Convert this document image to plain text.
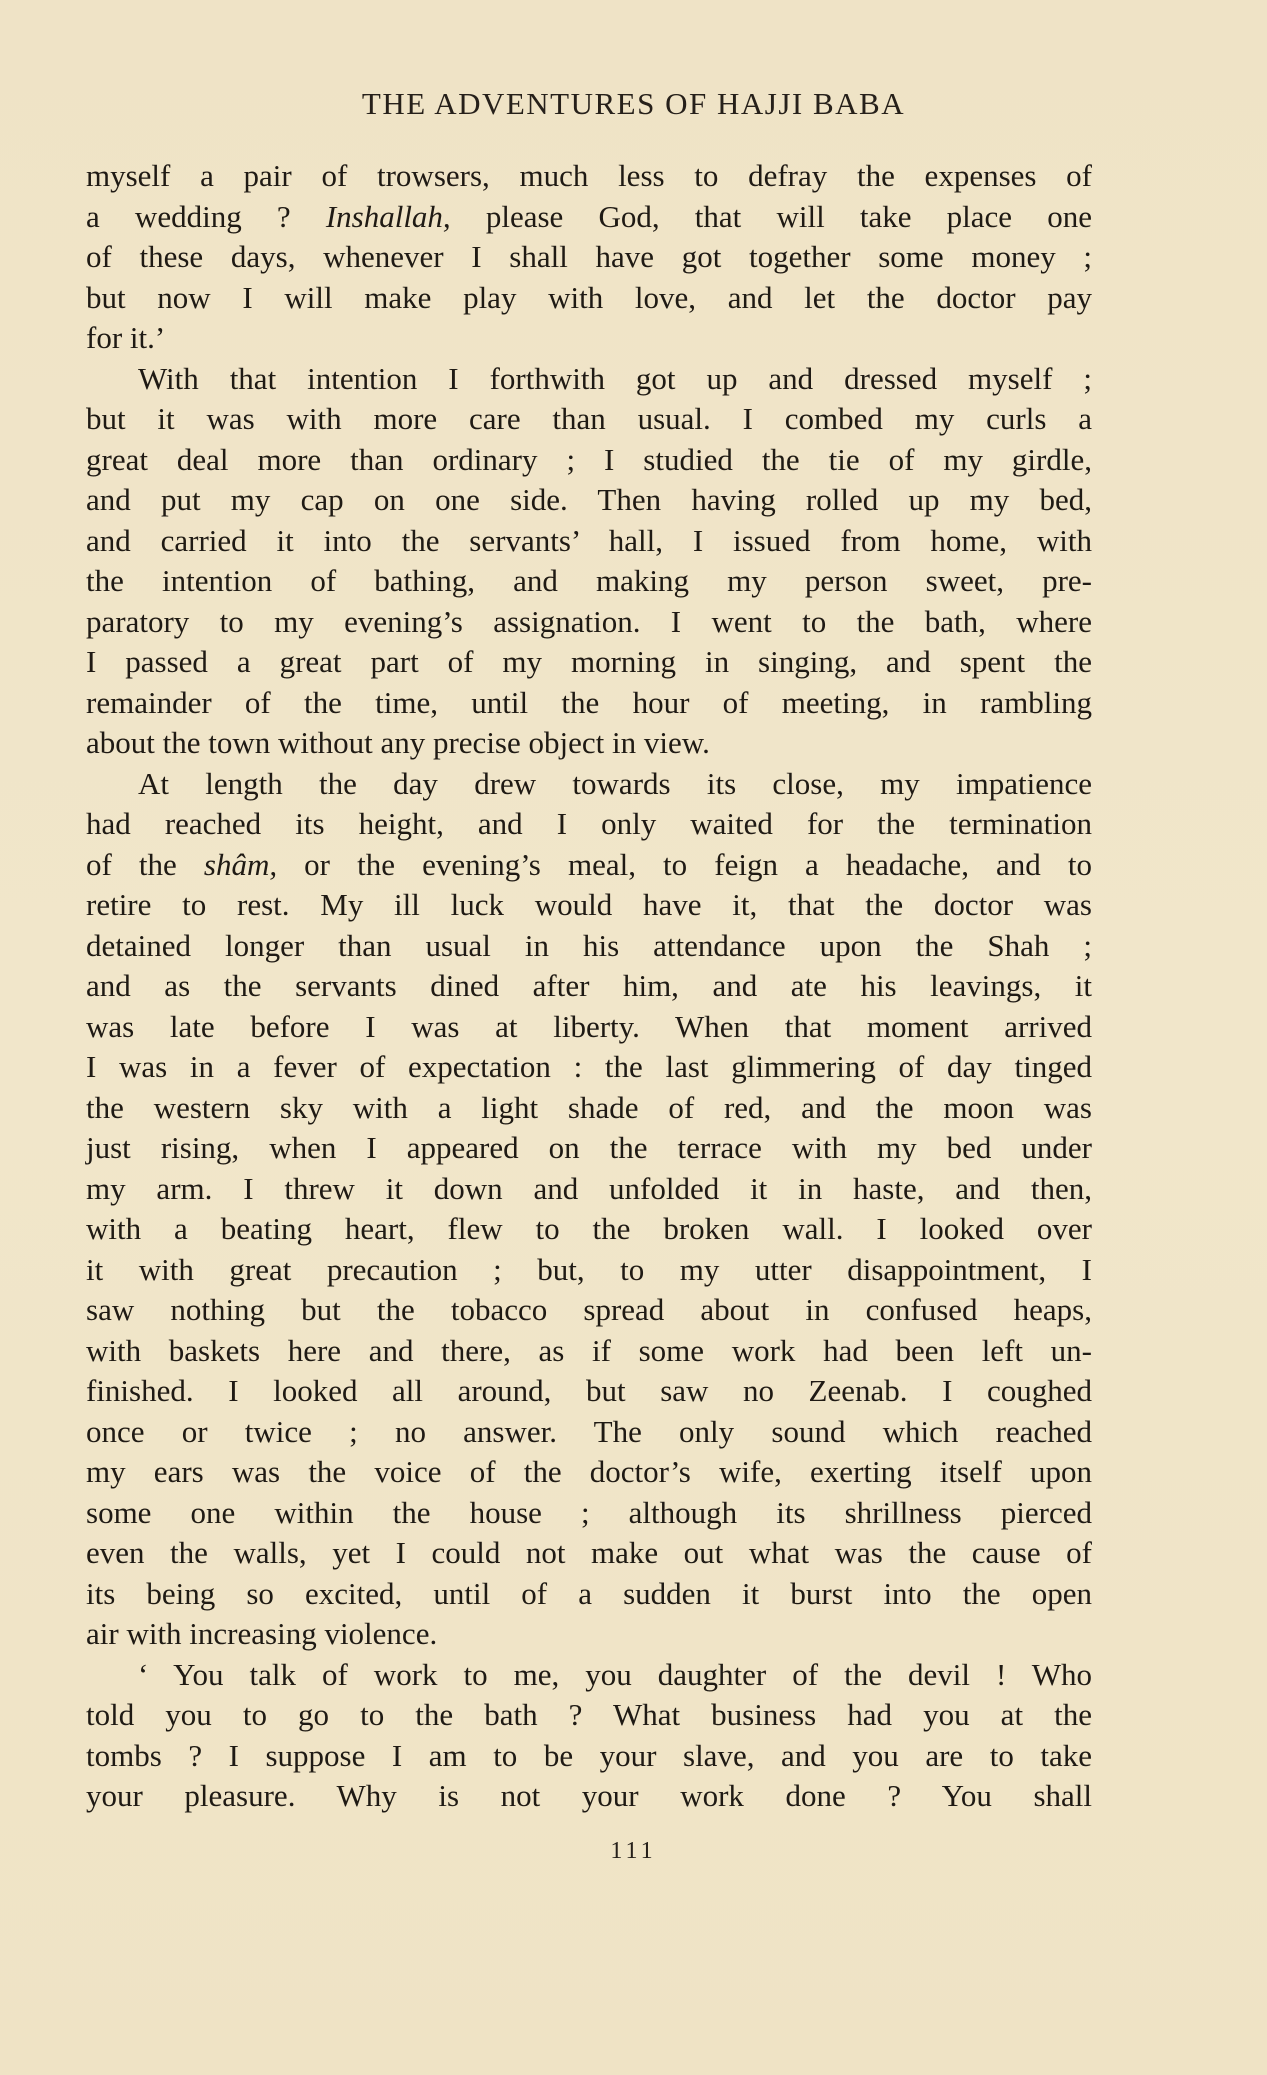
THE ADVENTURES OF HAJJI BABA
myself a pair of trowsers, much less to defray the expenses of
a wedding ? Inshallah, please God, that will take place one
of these days, whenever I shall have got together some money ;
but now I will make play with love, and let the doctor pay
for it.’
With that intention I forthwith got up and dressed myself ;
but it was with more care than usual. I combed my curls a
great deal more than ordinary ; I studied the tie of my girdle,
and put my cap on one side. Then having rolled up my bed,
and carried it into the servants’ hall, I issued from home, with
the intention of bathing, and making my person sweet, pre-
paratory to my evening’s assignation. I went to the bath, where
I passed a great part of my morning in singing, and spent the
remainder of the time, until the hour of meeting, in rambling
about the town without any precise object in view.
At length the day drew towards its close, my impatience
had reached its height, and I only waited for the termination
of the shâm, or the evening’s meal, to feign a headache, and to
retire to rest. My ill luck would have it, that the doctor was
detained longer than usual in his attendance upon the Shah ;
and as the servants dined after him, and ate his leavings, it
was late before I was at liberty. When that moment arrived
I was in a fever of expectation : the last glimmering of day tinged
the western sky with a light shade of red, and the moon was
just rising, when I appeared on the terrace with my bed under
my arm. I threw it down and unfolded it in haste, and then,
with a beating heart, flew to the broken wall. I looked over
it with great precaution ; but, to my utter disappointment, I
saw nothing but the tobacco spread about in confused heaps,
with baskets here and there, as if some work had been left un-
finished. I looked all around, but saw no Zeenab. I coughed
once or twice ; no answer. The only sound which reached
my ears was the voice of the doctor’s wife, exerting itself upon
some one within the house ; although its shrillness pierced
even the walls, yet I could not make out what was the cause of
its being so excited, until of a sudden it burst into the open
air with increasing violence.
‘ You talk of work to me, you daughter of the devil ! Who
told you to go to the bath ? What business had you at the
tombs ? I suppose I am to be your slave, and you are to take
your pleasure. Why is not your work done ? You shall
111
